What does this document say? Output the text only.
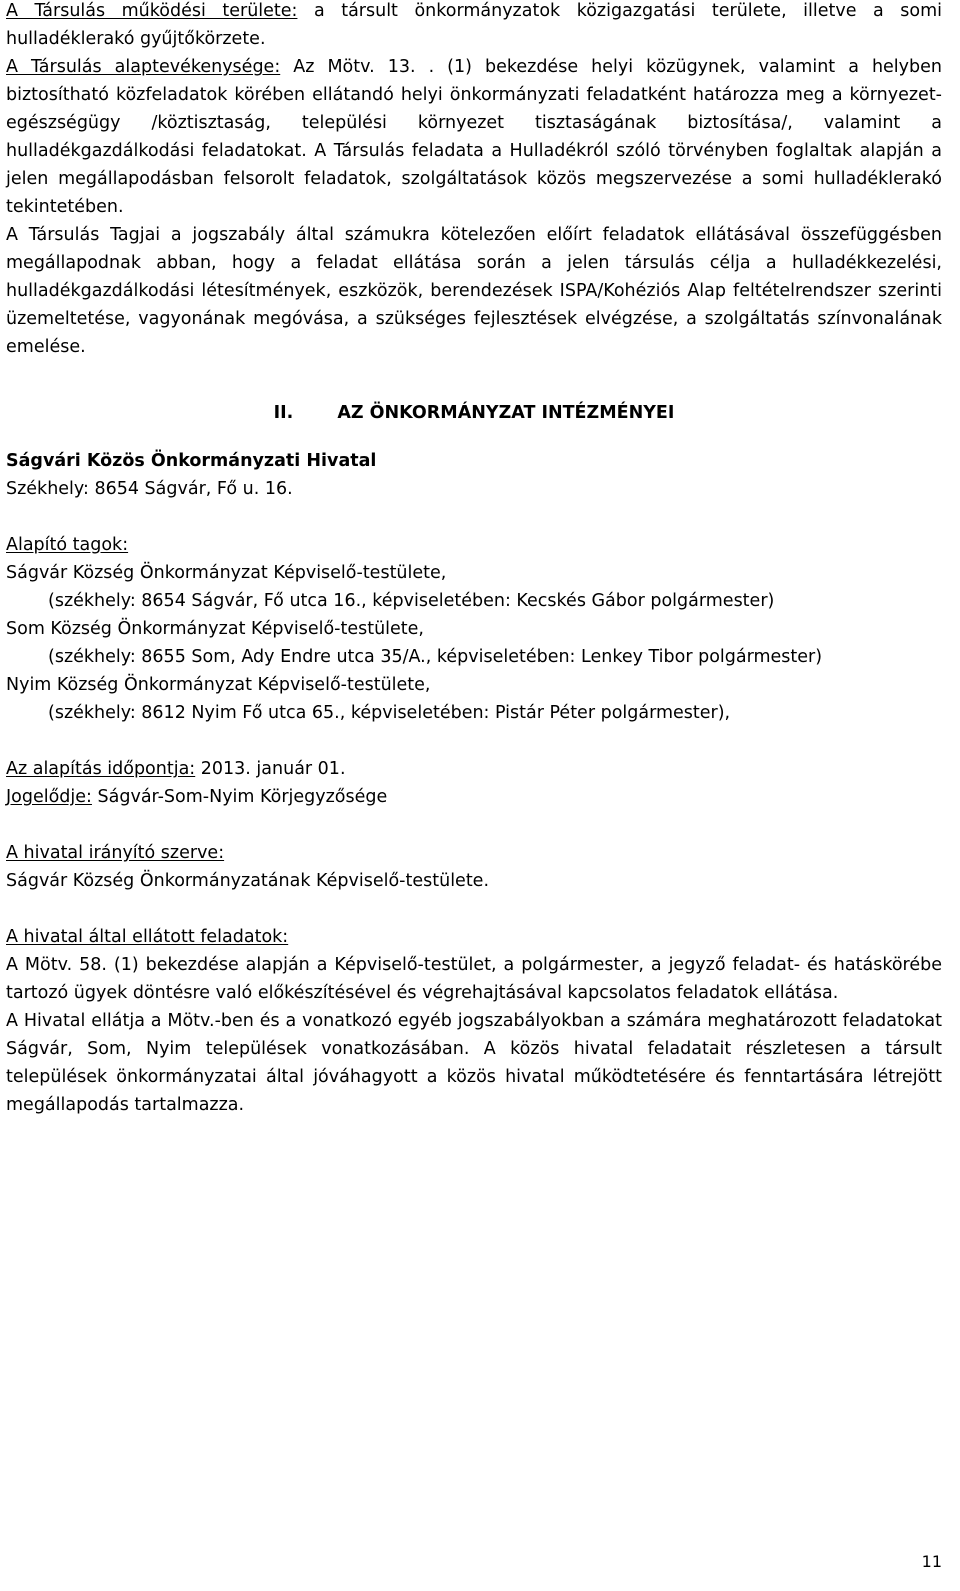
A Társulás működési területe: a társult önkormányzatok közigazgatási területe, illetve a somi hulladéklerakó gyűjtőkörzete.

A Társulás alaptevékenysége: Az Mötv. 13. . (1) bekezdése helyi közügynek, valamint a helyben biztosítható közfeladatok körében ellátandó helyi önkormányzati feladatként határozza meg a környezet-egészségügy /köztisztaság, települési környezet tisztaságának biztosítása/, valamint a hulladékgazdálkodási feladatokat. A Társulás feladata a Hulladékról szóló törvényben foglaltak alapján a jelen megállapodásban felsorolt feladatok, szolgáltatások közös megszervezése a somi hulladéklerakó tekintetében.

A Társulás Tagjai a jogszabály által számukra kötelezően előírt feladatok ellátásával összefüggésben megállapodnak abban, hogy a feladat ellátása során a jelen társulás célja a hulladékkezelési, hulladékgazdálkodási létesítmények, eszközök, berendezések ISPA/Kohéziós Alap feltételrendszer szerinti üzemeltetése, vagyonának megóvása, a szükséges fejlesztések elvégzése, a szolgáltatás színvonalának emelése.

II.	AZ ÖNKORMÁNYZAT INTÉZMÉNYEI

Ságvári Közös Önkormányzati Hivatal

Székhely: 8654 Ságvár, Fő u. 16.

Alapító tagok:

Ságvár Község Önkormányzat Képviselő-testülete,

(székhely: 8654 Ságvár, Fő utca 16., képviseletében: Kecskés Gábor polgármester)

Som Község Önkormányzat Képviselő-testülete,

(székhely: 8655 Som, Ady Endre utca 35/A., képviseletében: Lenkey Tibor polgármester)

Nyim Község Önkormányzat Képviselő-testülete,

(székhely: 8612 Nyim Fő utca 65., képviseletében: Pistár Péter polgármester),

Az alapítás időpontja: 2013. január 01.

Jogelődje: Ságvár-Som-Nyim Körjegyzősége

A hivatal irányító szerve:

Ságvár Község Önkormányzatának Képviselő-testülete.

A hivatal által ellátott feladatok:

A Mötv. 58. (1) bekezdése alapján a Képviselő-testület, a polgármester, a jegyző feladat- és hatáskörébe tartozó ügyek döntésre való előkészítésével és végrehajtásával kapcsolatos feladatok ellátása.

A Hivatal ellátja a Mötv.-ben és a vonatkozó egyéb jogszabályokban a számára meghatározott feladatokat Ságvár, Som, Nyim települések vonatkozásában. A közös hivatal feladatait részletesen a társult települések önkormányzatai által jóváhagyott a közös hivatal működtetésére és fenntartására létrejött megállapodás tartalmazza.

11
